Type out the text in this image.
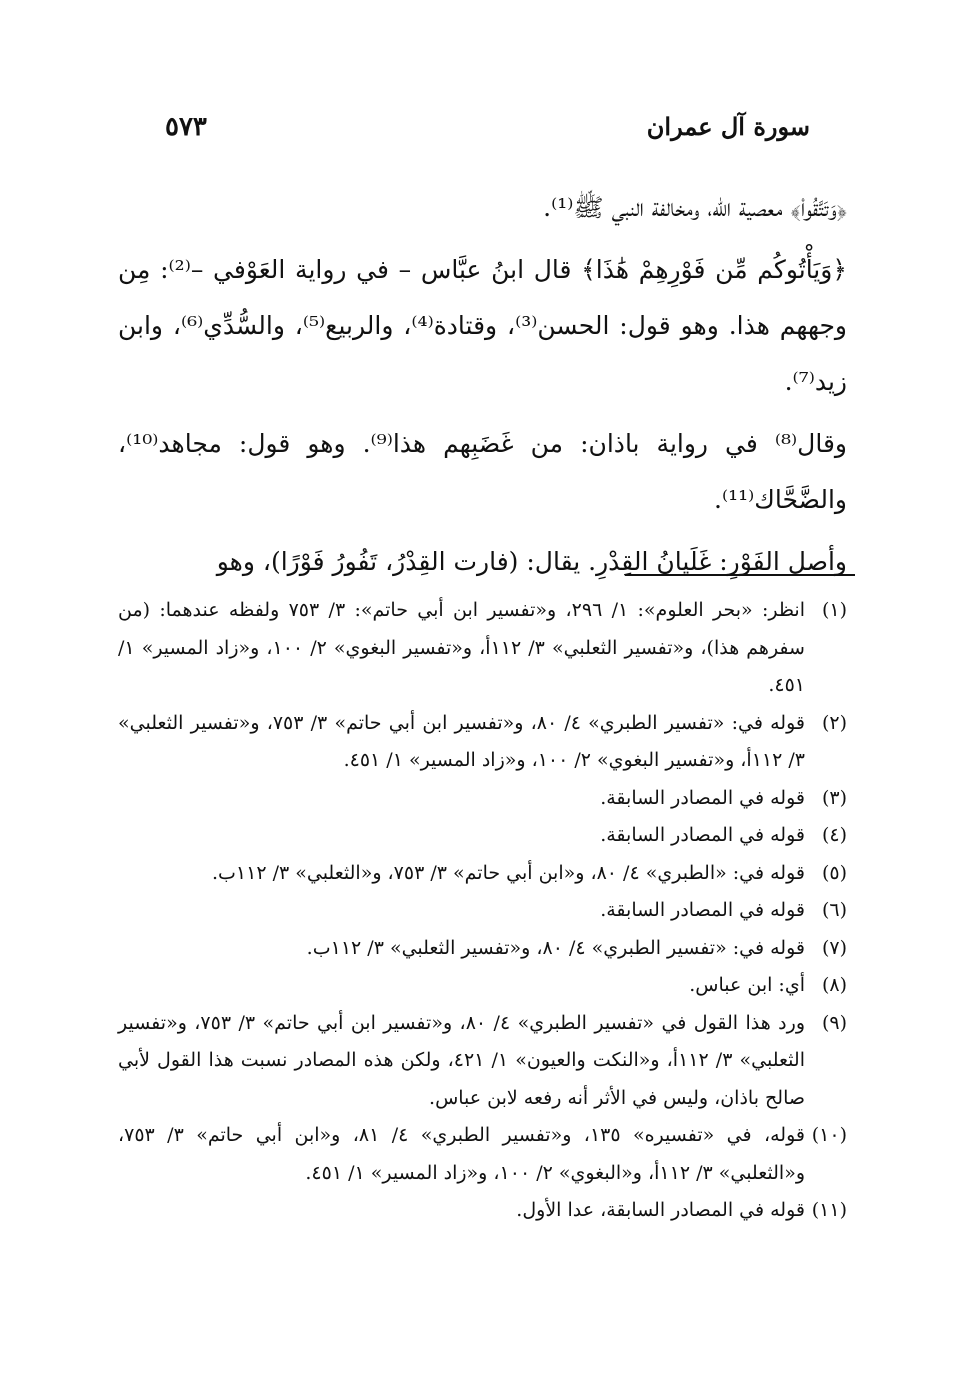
سورة آل عمران
٥٧٣

﴿وَتَتَّقُواْ﴾ معصية الله، ومخالفة النبي ﷺ⁽¹⁾.

﴿وَيَأْتُوكُم مِّن فَوْرِهِمْ هَٰذَا﴾ قال ابنُ عبَّاس – في رواية العَوْفي –⁽²⁾: مِن وجههم هذا. وهو قول: الحسن⁽³⁾، وقتادة⁽⁴⁾، والربيع⁽⁵⁾، والسُّدِّي⁽⁶⁾، وابن زيد⁽⁷⁾.

وقال⁽⁸⁾ في رواية باذان: من غَضَبِهم هذا⁽⁹⁾. وهو قول: مجاهد⁽¹⁰⁾، والضَّحَّاك⁽¹¹⁾.

وأصل الفَوْرِ: غَلَيانُ القِدْرِ. يقال: (فارت القِدْرُ، تَفُورُ فَوْرًا)، وهو

(١)
انظر: «بحر العلوم»: ١/ ٢٩٦، و«تفسير ابن أبي حاتم»: ٣/ ٧٥٣ ولفظه عندهما: (من سفرهم هذا)، و«تفسير الثعلبي» ٣/ ١١٢أ، و«تفسير البغوي» ٢/ ١٠٠، و«زاد المسير» ١/ ٤٥١.
(٢)
قوله في: «تفسير الطبري» ٤/ ٨٠، و«تفسير ابن أبي حاتم» ٣/ ٧٥٣، و«تفسير الثعلبي» ٣/ ١١٢أ، و«تفسير البغوي» ٢/ ١٠٠، و«زاد المسير» ١/ ٤٥١.
(٣)
قوله في المصادر السابقة.
(٤)
قوله في المصادر السابقة.
(٥)
قوله في: «الطبري» ٤/ ٨٠، و«ابن أبي حاتم» ٣/ ٧٥٣، و«الثعلبي» ٣/ ١١٢ب.
(٦)
قوله في المصادر السابقة.
(٧)
قوله في: «تفسير الطبري» ٤/ ٨٠، و«تفسير الثعلبي» ٣/ ١١٢ب.
(٨)
أي: ابن عباس.
(٩)
ورد هذا القول في «تفسير الطبري» ٤/ ٨٠، و«تفسير ابن أبي حاتم» ٣/ ٧٥٣، و«تفسير الثعلبي» ٣/ ١١٢أ، و«النكت والعيون» ١/ ٤٢١، ولكن هذه المصادر نسبت هذا القول لأبي صالح باذان، وليس في الأثر أنه رفعه لابن عباس.
(١٠)
قوله، في «تفسيره» ١٣٥، و«تفسير الطبري» ٤/ ٨١، و«ابن أبي حاتم» ٣/ ٧٥٣، و«الثعلبي» ٣/ ١١٢أ، و«البغوي» ٢/ ١٠٠، و«زاد المسير» ١/ ٤٥١.
(١١)
قوله في المصادر السابقة، عدا الأول.
